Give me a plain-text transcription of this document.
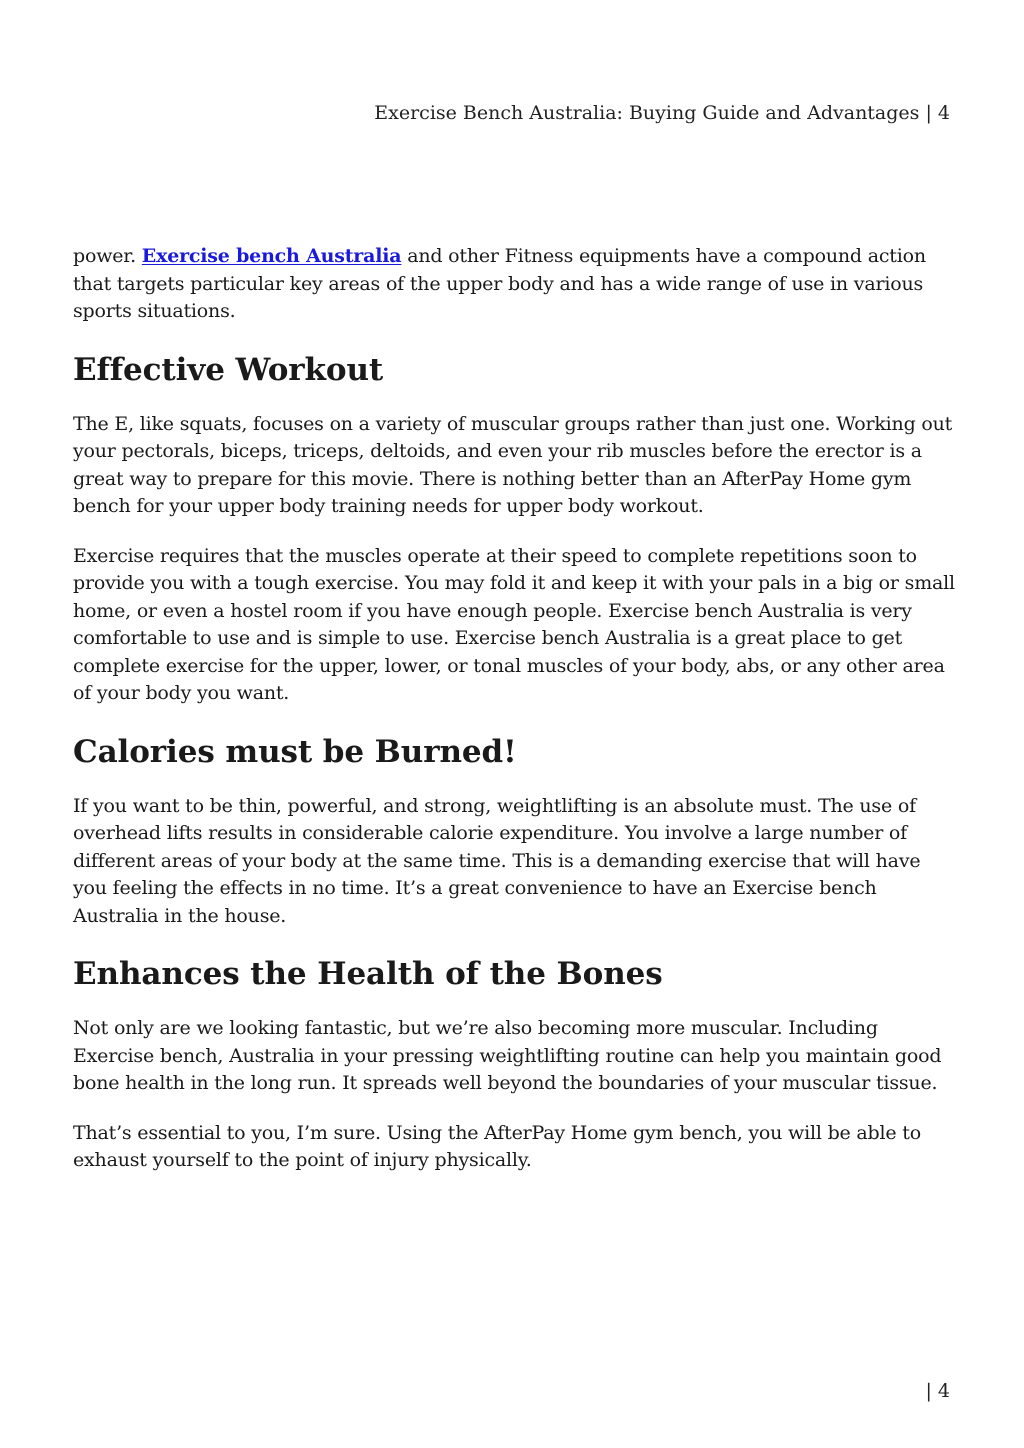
Exercise Bench Australia: Buying Guide and Advantages | 4

power. Exercise bench Australia and other Fitness equipments have a compound action that targets particular key areas of the upper body and has a wide range of use in various sports situations.

Effective Workout

The E, like squats, focuses on a variety of muscular groups rather than just one. Working out your pectorals, biceps, triceps, deltoids, and even your rib muscles before the erector is a great way to prepare for this movie. There is nothing better than an AfterPay Home gym bench for your upper body training needs for upper body workout.

Exercise requires that the muscles operate at their speed to complete repetitions soon to provide you with a tough exercise. You may fold it and keep it with your pals in a big or small home, or even a hostel room if you have enough people. Exercise bench Australia is very comfortable to use and is simple to use. Exercise bench Australia is a great place to get complete exercise for the upper, lower, or tonal muscles of your body, abs, or any other area of your body you want.

Calories must be Burned!

If you want to be thin, powerful, and strong, weightlifting is an absolute must. The use of overhead lifts results in considerable calorie expenditure. You involve a large number of different areas of your body at the same time. This is a demanding exercise that will have you feeling the effects in no time. It’s a great convenience to have an Exercise bench Australia in the house.

Enhances the Health of the Bones

Not only are we looking fantastic, but we’re also becoming more muscular. Including Exercise bench, Australia in your pressing weightlifting routine can help you maintain good bone health in the long run. It spreads well beyond the boundaries of your muscular tissue.

That’s essential to you, I’m sure. Using the AfterPay Home gym bench, you will be able to exhaust yourself to the point of injury physically.

| 4
